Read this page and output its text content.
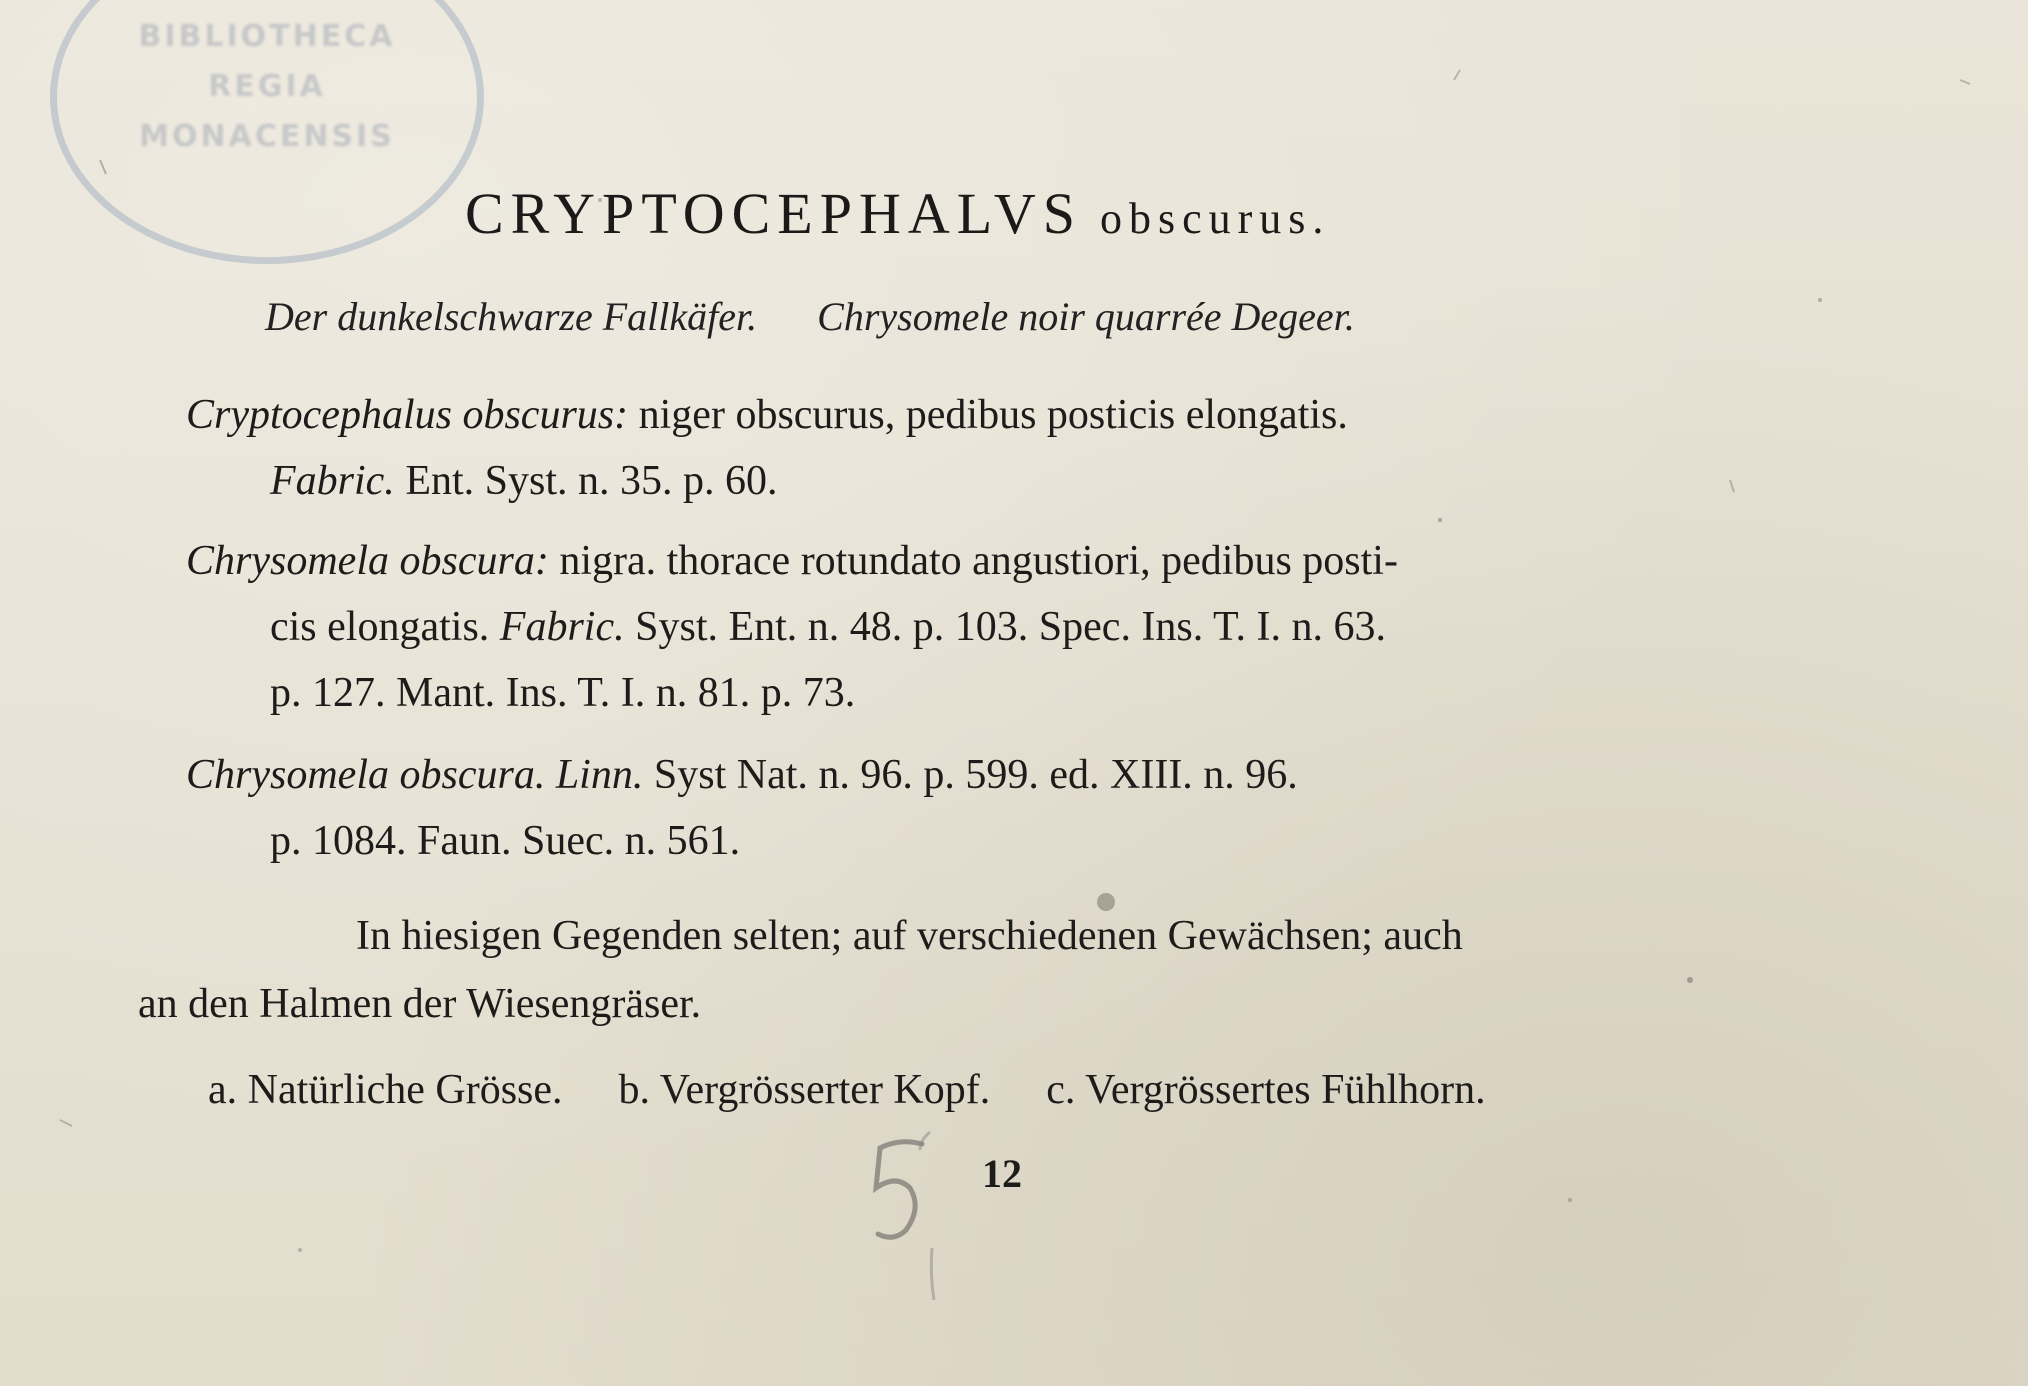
BIBLIOTHECA
REGIA
MONACENSIS
CRYPTOCEPHALVS obscurus.
Der dunkelschwarze Fallkäfer. Chrysomele noir quarrée Degeer.
Cryptocephalus obscurus: niger obscurus, pedibus posticis elongatis.
Fabric. Ent. Syst. n. 35. p. 60.
Chrysomela obscura: nigra. thorace rotundato angustiori, pedibus posti-
cis elongatis. Fabric. Syst. Ent. n. 48. p. 103. Spec. Ins. T. I. n. 63.
p. 127. Mant. Ins. T. I. n. 81. p. 73.
Chrysomela obscura. Linn. Syst Nat. n. 96. p. 599. ed. XIII. n. 96.
p. 1084. Faun. Suec. n. 561.
In hiesigen Gegenden selten; auf verschiedenen Gewächsen; auch
an den Halmen der Wiesengräser.
a. Natürliche Grösse. b. Vergrösserter Kopf. c. Vergrössertes Fühlhorn.
12
